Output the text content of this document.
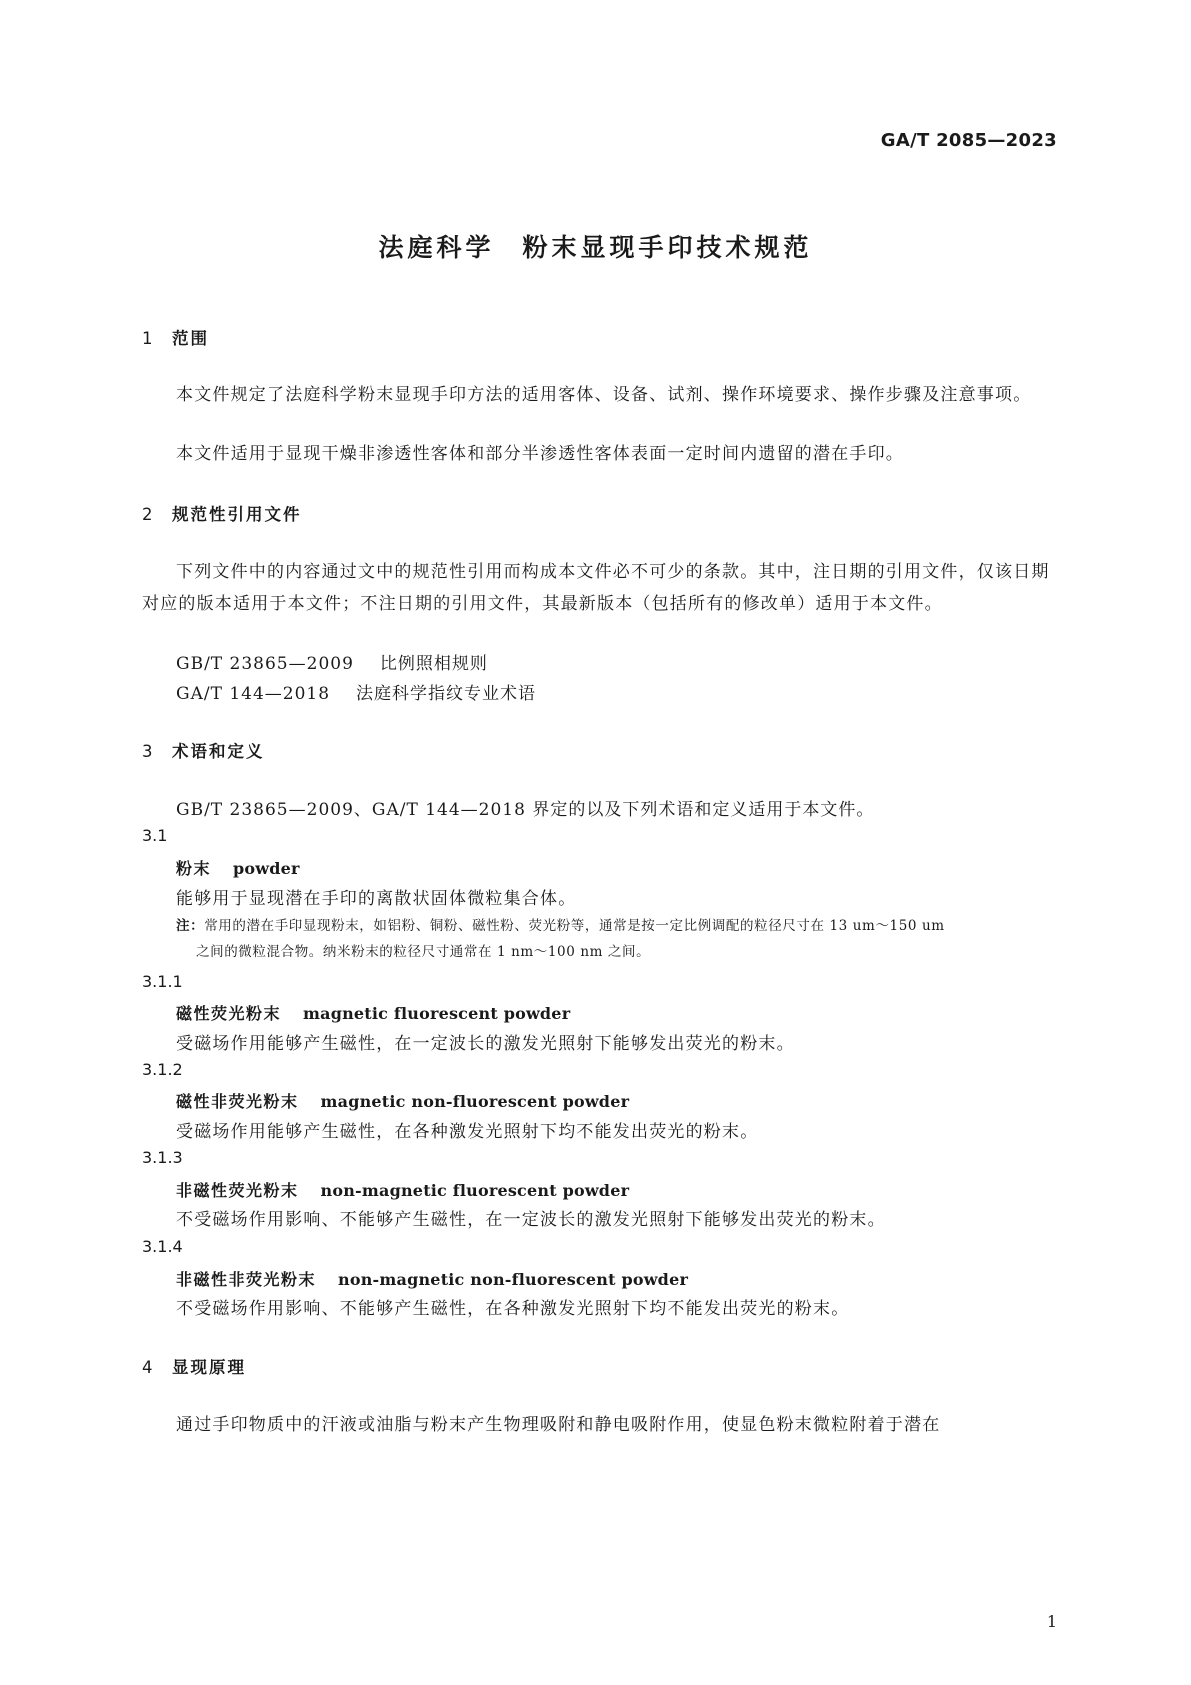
GA/T 2085—2023
法庭科学 粉末显现手印技术规范
1 范围
本文件规定了法庭科学粉末显现手印方法的适用客体、设备、试剂、操作环境要求、操作步骤及注意事项。
本文件适用于显现干燥非渗透性客体和部分半渗透性客体表面一定时间内遗留的潜在手印。
2 规范性引用文件
下列文件中的内容通过文中的规范性引用而构成本文件必不可少的条款。其中，注日期的引用文件，仅该日期对应的版本适用于本文件；不注日期的引用文件，其最新版本（包括所有的修改单）适用于本文件。
GB/T 23865—2009 比例照相规则
GA/T 144—2018 法庭科学指纹专业术语
3 术语和定义
GB/T 23865—2009、GA/T 144—2018 界定的以及下列术语和定义适用于本文件。
3.1
粉末 powder
能够用于显现潜在手印的离散状固体微粒集合体。
注：常用的潜在手印显现粉末，如铝粉、铜粉、磁性粉、荧光粉等，通常是按一定比例调配的粒径尺寸在 13 um～150 um
之间的微粒混合物。纳米粉末的粒径尺寸通常在 1 nm～100 nm 之间。
3.1.1
磁性荧光粉末 magnetic fluorescent powder
受磁场作用能够产生磁性，在一定波长的激发光照射下能够发出荧光的粉末。
3.1.2
磁性非荧光粉末 magnetic non-fluorescent powder
受磁场作用能够产生磁性，在各种激发光照射下均不能发出荧光的粉末。
3.1.3
非磁性荧光粉末 non-magnetic fluorescent powder
不受磁场作用影响、不能够产生磁性，在一定波长的激发光照射下能够发出荧光的粉末。
3.1.4
非磁性非荧光粉末 non-magnetic non-fluorescent powder
不受磁场作用影响、不能够产生磁性，在各种激发光照射下均不能发出荧光的粉末。
4 显现原理
通过手印物质中的汗液或油脂与粉末产生物理吸附和静电吸附作用，使显色粉末微粒附着于潜在
1
